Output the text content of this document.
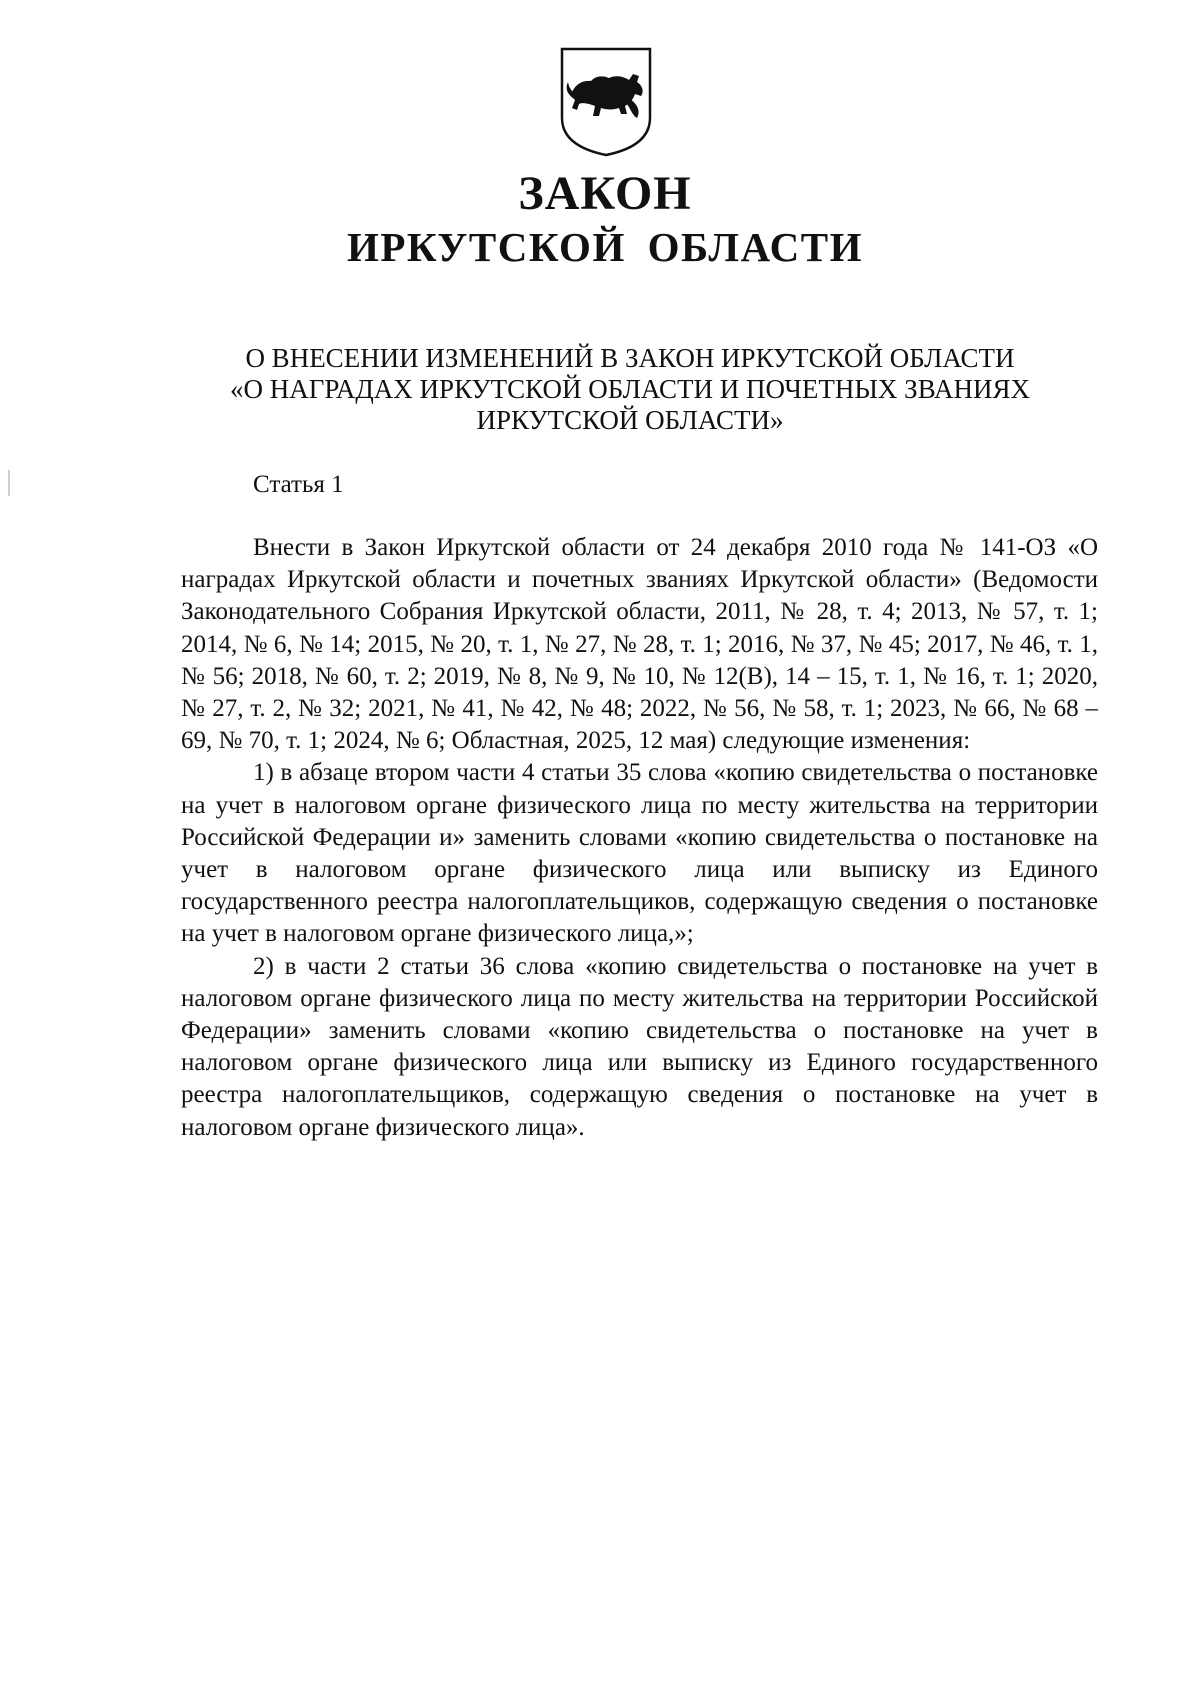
ЗАКОН
ИРКУТСКОЙ ОБЛАСТИ
О ВНЕСЕНИИ ИЗМЕНЕНИЙ В ЗАКОН ИРКУТСКОЙ ОБЛАСТИ
«О НАГРАДАХ ИРКУТСКОЙ ОБЛАСТИ И ПОЧЕТНЫХ ЗВАНИЯХ
ИРКУТСКОЙ ОБЛАСТИ»
Статья 1

Внести в Закон Иркутской области от 24 декабря 2010 года № 141-ОЗ «О наградах Иркутской области и почетных званиях Иркутской области» (Ведомости Законодательного Собрания Иркутской области, 2011, № 28, т. 4; 2013, № 57, т. 1; 2014, № 6, № 14; 2015, № 20, т. 1, № 27, № 28, т. 1; 2016, № 37, № 45; 2017, № 46, т. 1, № 56; 2018, № 60, т. 2; 2019, № 8, № 9, № 10, № 12(В), 14 – 15, т. 1, № 16, т. 1; 2020, № 27, т. 2, № 32; 2021, № 41, № 42, № 48; 2022, № 56, № 58, т. 1; 2023, № 66, № 68 – 69, № 70, т. 1; 2024, № 6; Областная, 2025, 12 мая) следующие изменения:

1) в абзаце втором части 4 статьи 35 слова «копию свидетельства о постановке на учет в налоговом органе физического лица по месту жительства на территории Российской Федерации и» заменить словами «копию свидетельства о постановке на учет в налоговом органе физического лица или выписку из Единого государственного реестра налогоплательщиков, содержащую сведения о постановке на учет в налоговом органе физического лица,»;

2) в части 2 статьи 36 слова «копию свидетельства о постановке на учет в налоговом органе физического лица по месту жительства на территории Российской Федерации» заменить словами «копию свидетельства о постановке на учет в налоговом органе физического лица или выписку из Единого государственного реестра налогоплательщиков, содержащую сведения о постановке на учет в налоговом органе физического лица».
